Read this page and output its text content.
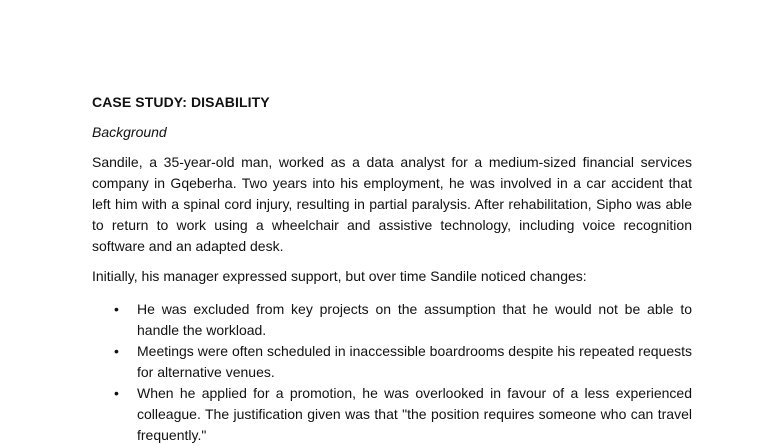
CASE STUDY: DISABILITY
Background
Sandile, a 35-year-old man, worked as a data analyst for a medium-sized financial services company in Gqeberha. Two years into his employment, he was involved in a car accident that left him with a spinal cord injury, resulting in partial paralysis. After rehabilitation, Sipho was able to return to work using a wheelchair and assistive technology, including voice recognition software and an adapted desk.
Initially, his manager expressed support, but over time Sandile noticed changes:
• He was excluded from key projects on the assumption that he would not be able to handle the workload.
• Meetings were often scheduled in inaccessible boardrooms despite his repeated requests for alternative venues.
• When he applied for a promotion, he was overlooked in favour of a less experienced colleague. The justification given was that "the position requires someone who can travel frequently."
